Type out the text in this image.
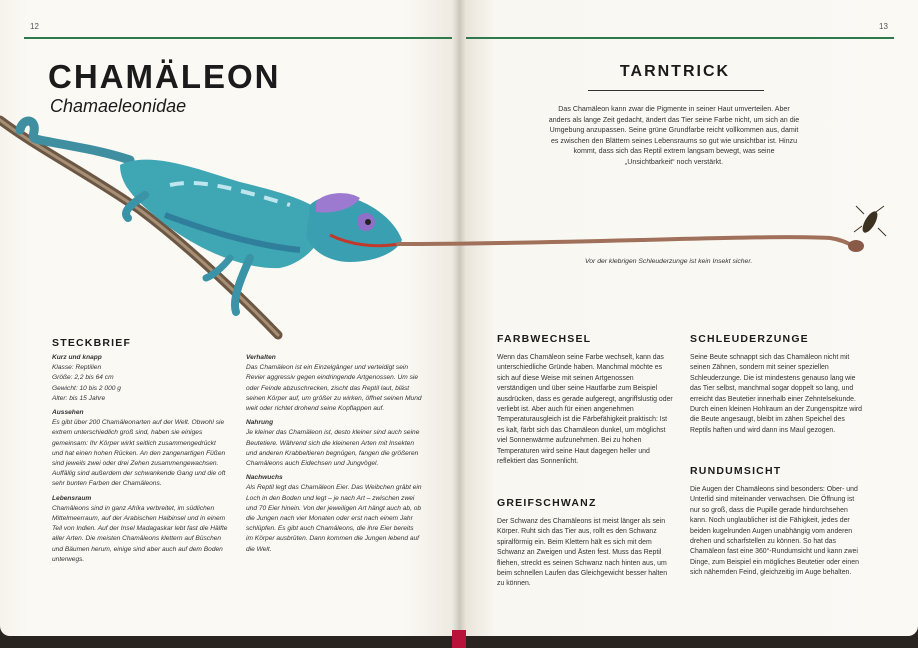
12	13
CHAMÄLEON
Chamaeleonidae
TARNTRICK
Das Chamäleon kann zwar die Pigmente in seiner Haut umverteilen. Aber anders als lange Zeit gedacht, ändert das Tier seine Farbe nicht, um sich an die Umgebung anzupassen. Seine grüne Grundfarbe reicht vollkommen aus, damit es zwischen den Blättern seines Lebensraums so gut wie unsichtbar ist. Hinzu kommt, dass sich das Reptil extrem langsam bewegt, was seine „Unsichtbarkeit“ noch verstärkt.
Vor der klebrigen Schleuderzunge ist kein Insekt sicher.
STECKBRIEF
Kurz und knapp
Klasse: Reptilien
Größe: 2,2 bis 64 cm
Gewicht: 10 bis 2 000 g

Alter: bis 15 Jahre

Aussehen

Es gibt über 200 Chamäleonarten auf der Welt. Obwohl sie extrem unterschiedlich groß sind, haben sie einiges gemeinsam: Ihr Körper wirkt seitlich zusammengedrückt und hat einen hohen Rücken. An den zangenartigen Füßen sind jeweils zwei oder drei Zehen zusammengewachsen. Auffällig sind außerdem der schwankende Gang und die oft sehr bunten Farben der Chamäleons.

Lebensraum

Chamäleons sind in ganz Afrika verbreitet, im südlichen Mittelmeerraum, auf der Arabischen Halbinsel und in einem Teil von Indien. Auf der Insel Madagaskar lebt fast die Hälfte aller Arten. Die meisten Chamäleons klettern auf Büschen und Bäumen herum, einige sind aber auch auf dem Boden unterwegs.

Verhalten

Das Chamäleon ist ein Einzelgänger und verteidigt sein Revier aggressiv gegen eindringende Artgenossen. Um sie oder Feinde abzuschrecken, zischt das Reptil laut, bläst seinen Körper auf, um größer zu wirken, öffnet seinen Mund weit oder richtet drohend seine Kopflappen auf.

Nahrung

Je kleiner das Chamäleon ist, desto kleiner sind auch seine Beutetiere. Während sich die kleineren Arten mit Insekten und anderen Krabbeltieren begnügen, fangen die größeren Chamäleons auch Eidechsen und Jungvögel.

Nachwuchs

Als Reptil legt das Chamäleon Eier. Das Weibchen gräbt ein Loch in den Boden und legt – je nach Art – zwischen zwei und 70 Eier hinein. Von der jeweiligen Art hängt auch ab, ob die Jungen nach vier Monaten oder erst nach einem Jahr schlüpfen. Es gibt auch Chamäleons, die ihre Eier bereits im Körper ausbrüten. Dann kommen die Jungen lebend auf die Welt.

FARBWECHSEL
Wenn das Chamäleon seine Farbe wechselt, kann das unterschiedliche Gründe haben. Manchmal möchte es sich auf diese Weise mit seinen Artgenossen verständigen und über seine Hautfarbe zum Beispiel ausdrücken, dass es gerade aufgeregt, angriffslustig oder verliebt ist. Aber auch für einen angenehmen Temperaturausgleich ist die Färbefähigkeit praktisch: Ist es kalt, färbt sich das Chamäleon dunkel, um möglichst viel Sonnenwärme aufzunehmen. Bei zu hohen Temperaturen wird seine Haut dagegen heller und reflektiert das Sonnenlicht.
GREIFSCHWANZ
Der Schwanz des Chamäleons ist meist länger als sein Körper. Ruht sich das Tier aus, rollt es den Schwanz spiralförmig ein. Beim Klettern hält es sich mit dem Schwanz an Zweigen und Ästen fest. Muss das Reptil fliehen, streckt es seinen Schwanz nach hinten aus, um beim schnellen Laufen das Gleichgewicht besser halten zu können.
SCHLEUDERZUNGE
Seine Beute schnappt sich das Chamäleon nicht mit seinen Zähnen, sondern mit seiner speziellen Schleuderzunge. Die ist mindestens genauso lang wie das Tier selbst, manchmal sogar doppelt so lang, und erreicht das Beutetier innerhalb einer Zehntelsekunde. Durch einen kleinen Hohlraum an der Zungenspitze wird die Beute angesaugt, bleibt im zähen Speichel des Reptils haften und wird dann ins Maul gezogen.
RUNDUMSICHT
Die Augen der Chamäleons sind besonders: Ober- und Unterlid sind miteinander verwachsen. Die Öffnung ist nur so groß, dass die Pupille gerade hindurchsehen kann. Noch unglaublicher ist die Fähigkeit, jedes der beiden kugelrunden Augen unabhängig vom anderen drehen und scharfstellen zu können. So hat das Chamäleon fast eine 360°-Rundumsicht und kann zwei Dinge, zum Beispiel ein mögliches Beutetier oder einen sich nähernden Feind, gleichzeitig im Auge behalten.
